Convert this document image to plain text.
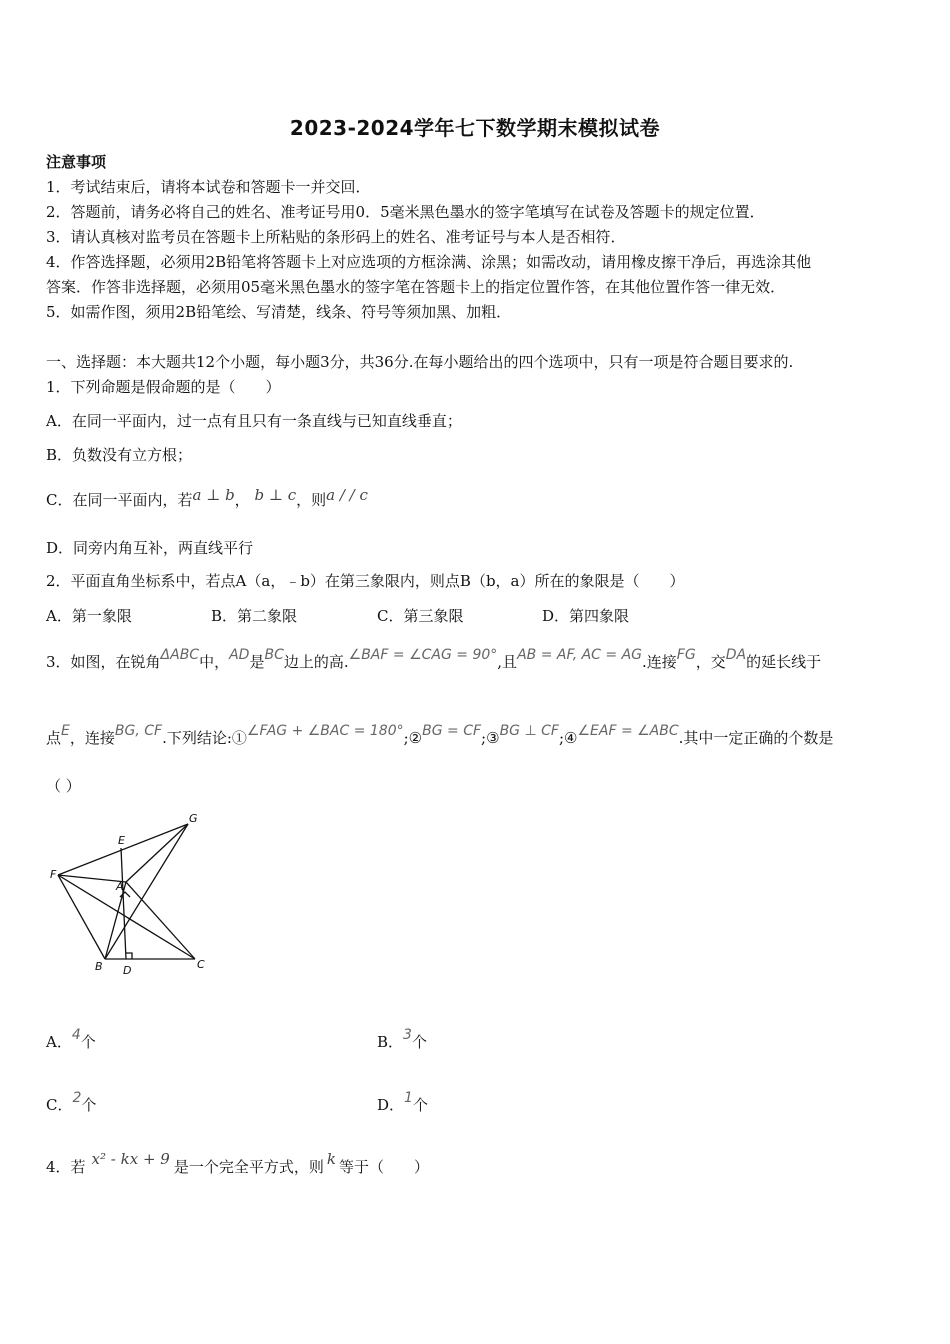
2023-2024学年七下数学期末模拟试卷
注意事项
1．考试结束后，请将本试卷和答题卡一并交回．
2．答题前，请务必将自己的姓名、准考证号用0．5毫米黑色墨水的签字笔填写在试卷及答题卡的规定位置．
3．请认真核对监考员在答题卡上所粘贴的条形码上的姓名、准考证号与本人是否相符．
4．作答选择题，必须用2B铅笔将答题卡上对应选项的方框涂满、涂黑；如需改动，请用橡皮擦干净后，再选涂其他
答案．作答非选择题，必须用05毫米黑色墨水的签字笔在答题卡上的指定位置作答，在其他位置作答一律无效．
5．如需作图，须用2B铅笔绘、写清楚，线条、符号等须加黑、加粗．
一、选择题：本大题共12个小题，每小题3分，共36分.在每小题给出的四个选项中，只有一项是符合题目要求的.
1．下列命题是假命题的是（　　）
A．在同一平面内，过一点有且只有一条直线与已知直线垂直；
B．负数没有立方根；
C．在同一平面内，若a ⊥ b， b ⊥ c，则a / / c
D．同旁内角互补，两直线平行
2．平面直角坐标系中，若点A（a，﹣b）在第三象限内，则点B（b，a）所在的象限是（　　）
A．第一象限	B．第二象限	C．第三象限	D．第四象限
3．如图，在锐角ΔABC中，AD是BC边上的高.∠BAF = ∠CAG = 90°,且AB = AF, AC = AG.连接FG，交DA的延长线于
点E，连接BG, CF.下列结论:①∠FAG + ∠BAC = 180°;②BG = CF;③BG ⊥ CF;④∠EAF = ∠ABC.其中一定正确的个数是
（ ）
G
E
F
A
B D	C
A．4个	B．3个
C．2个	D．1个
4．若 x² - kx + 9 是一个完全平方式，则 k 等于（　　）
